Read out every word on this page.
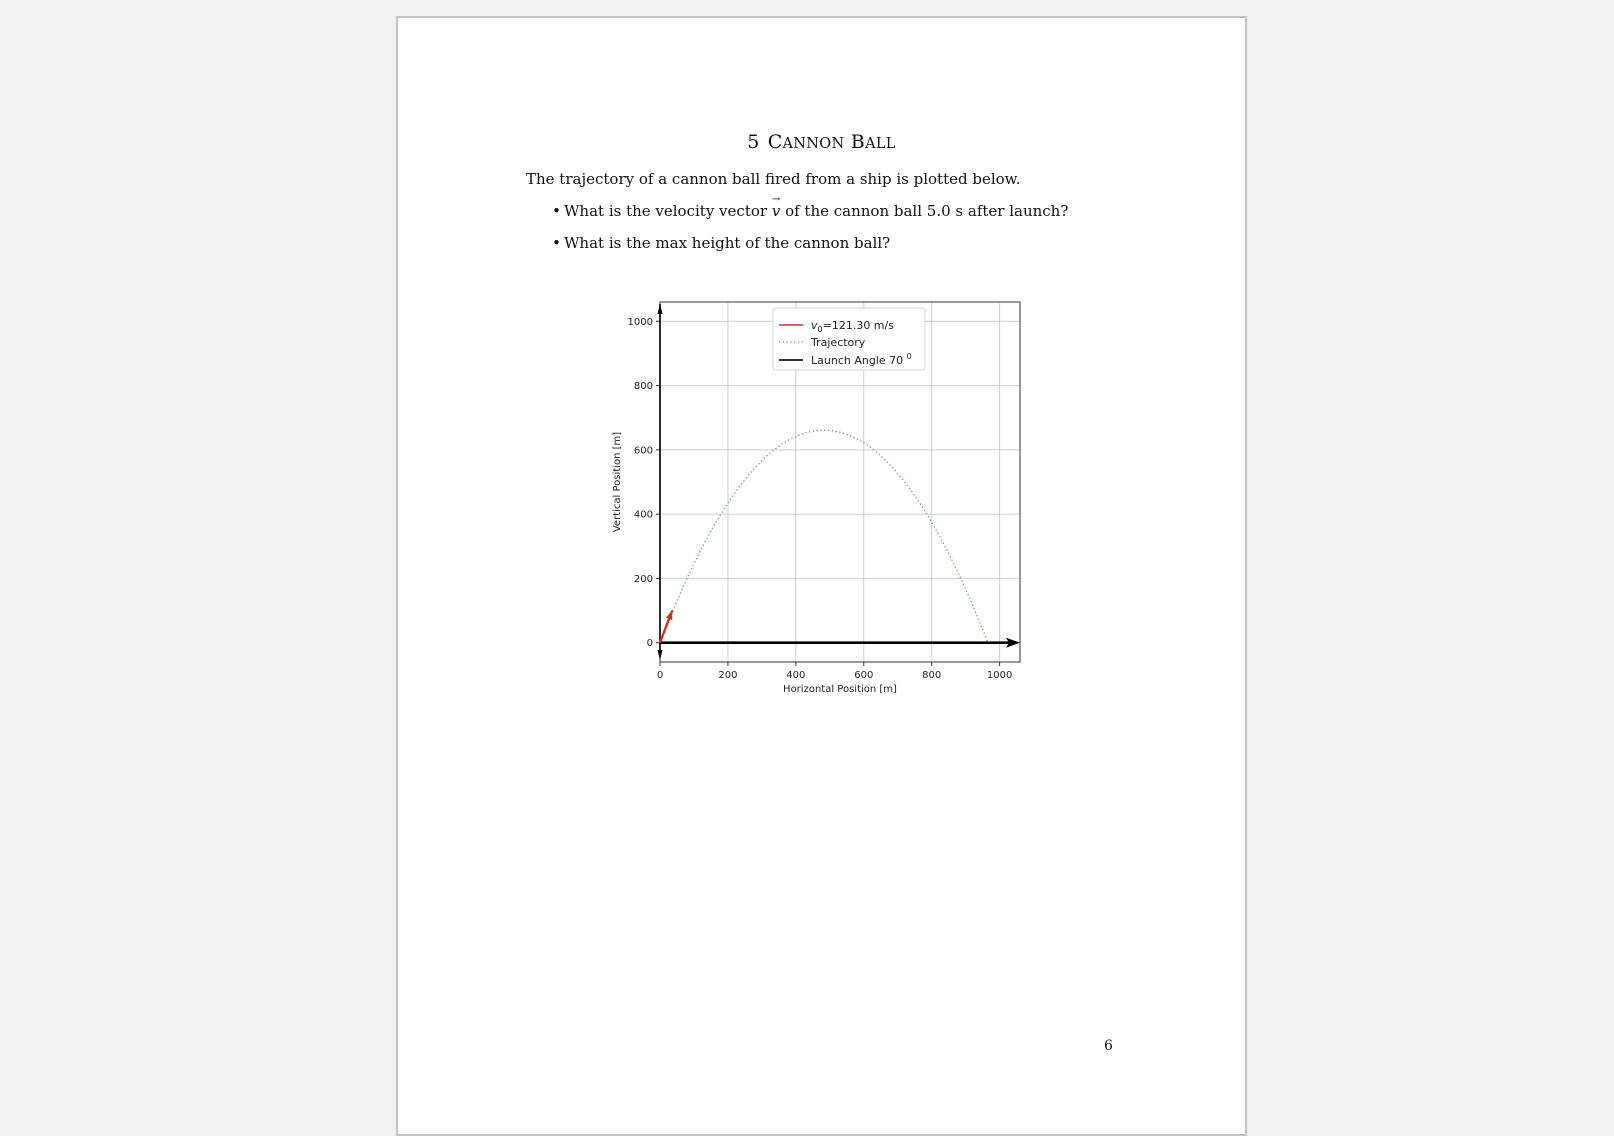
5 CANNON BALL
The trajectory of a cannon ball fired from a ship is plotted below.
• What is the velocity vector
→
v of the cannon ball 5.0 s after launch?
• What is the max height of the cannon ball?
0	200	400	600	800	1000
0
200
400
600
800
1000
Horizontal Position [m]
Vertical Position [m]
$v_0=121.30$ m/s
Trajectory
Launch Angle 70 $^0$
6
